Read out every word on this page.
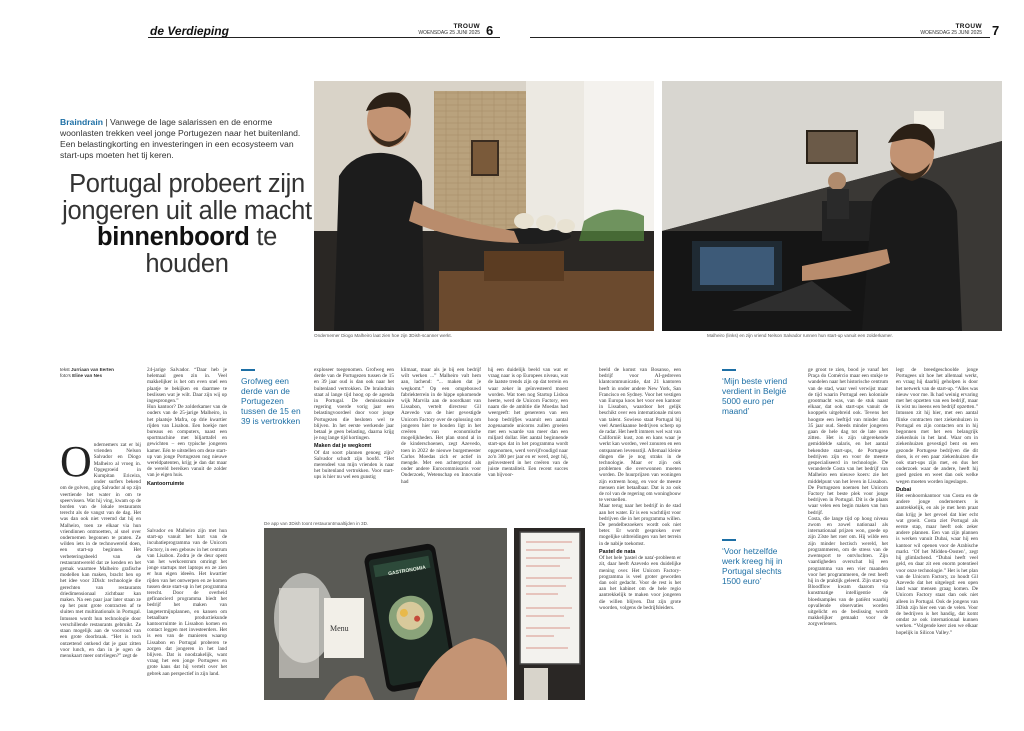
de Verdieping	TROUW
WOENSDAG 25 JUNI 2025 6	TROUW
WOENSDAG 25 JUNI 2025 7
Braindrain | Vanwege de lage salarissen en de enorme woonlasten trekken veel jonge Portugezen naar het buitenland. Een belastingkorting en investeringen in een ecosysteem van start-ups moeten het tij keren.
Portugal probeert zijn jongeren uit alle macht binnenboord te houden
Ondernemer Diogo Malheiro laat zien hoe zijn 3Dish-scanner werkt.	Malheiro (links) en zijn vriend Nelson Salvador runnen hun start-up vanuit een zolderkamer.
tekst Jurriaan van Eerten
foto's Eline van Nes
O ndernemers zat er bij vrienden Nelson Salvador en Diogo Malheiro al vroeg in. Opgegroeid in Kumpitan Ericeira, onder surfers bekend om de golven, ging Salvador al op zijn veertiende het water in om te speervissen. Wat hij ving, kwam op de borden van de lokale restaurants terecht als de vangst van de dag. Het was dan ook niet vreemd dat hij en Malheiro, toen ze elkaar via hun vriendinnen ontmoetten, al snel over ondernemen begonnen te praten. Ze wilden iets in de technowereld doen, een start-up beginnen. Het verbeteringsbeeld van de restaurantwereld dat ze kenden en het gemak waarmee Malheiro grafische modellen kan maken, bracht hen op het idee voor 3Dish: technologie die gerechten van restaurants driedimensionaal zichtbaar kan maken. Na een paar jaar later staan ze op het punt grote contracten af te sluiten met multinationals in Portugal. Intussen wordt hun technologie door verschillende restaurants gebruikt. Ze staan mogelijk aan de voorrond van een grote doorbraak. “Het is toch ontzettend ontkend dat je gaat zitten voor lunch, en dan in je ogen de menukaart meer ontvliegen?” zegt de

24-jarige Salvador. “Daar heb je helemaal geen zin in. Veel makkelijker is het om even snel een plaatje te bekijken en daarmee te beslissen wat je wilt. Daar zijn wij op ingesprongen.”

Hun kantoor? De zolderkamer van de ouders van de 25-jarige Malheiro, in het plaatsje Mafra, op drie kwartier rijden van Lisabon. Een hoekje met bureaus en computers, naast een sportmachine met biljarttafel en gewichten – een typische jongeren kamer. Eén te uitstellen om deze start-up van jonge Portugezen nog nieuwe wereldpatenten, krijg je dan dat maar de wereld bereiken vanuit de zolder van je eigen huis.

Kantoorruimte
Grofweg een derde van de Portugezen tussen de 15 en 39 is vertrokken

exploseer toegenomen. Grofweg een derde van de Portugezen tussen de 15 en 39 jaar oud is dan ook naar het buitenland vertrokken. De braindrain staat al lange tijd hoog op de agenda in Portugal. De demissionaire regering voerde vorig jaar een belastingvoordeel door voor jonge Portugezen die besloten wel te blijven. In het eerste werkende jaar betaal je geen belasting, daarna krijg je nog lange tijd kortingen.

Maken dat je wegkomt

Of dat soort plannen genoeg zijn? Salvador schudt zijn hoofd. “Het merendeel van mijn vrienden is naar het buitenland vertrokken. Voor start-ups is hier nu wel een gunstig

klimaat, maar als je bij een bedrijf wilt werken ...” Malheiro valt hem aan, lachend: “... maken dat je wegkomt.” Op een omgebouwd fabriekterrein in de hippe opkomende wijk Marvila aan de noordkant van Lissabon, vertelt directeur Gil Azevedo van de hier gevestigde Unicorn Factory over de oplossing om jongeren hier te houden ligt in het creëren van economische mogelijkheden. Het plan stond al in de kinderschoenen, zegt Azevedo, toen in 2022 de nieuwe burgemeester Carlos Moedas zich er actief in mengde. Met een achtergrond als onder andere Eurocommissaris voor Onderzoek, Wetenschap en Innovatie had

hij een duidelijk beeld van wat er vraag naar is op Europees niveau, wat de laatste trends zijn op dat terrein en waar zeker in geïnvesteerd moest worden. Wat toen nog Startup Lisboa heette, werd de Unicorn Factory, een naam die de ambitie die Moedas had weergeeft: het genereren van een hoop bedrijfjes waaruit een aantal zogenaamde unicorns zullen groeien met een waarde van meer dan een miljard dollar. Het aantal beginnende start-ups dat in het programma wordt opgenomen, werd vervijfvoudigd naar zo'n 300 per jaar en er werd, zegt hij, geïnvesteerd in het creëren van de juiste mentaliteit. Een recent succes van bijvoor-

Salvador en Malheiro zijn met hun start-up vanuit het hart van de incubatieprogramma van de Unicorn Factory, in een gebouw in het centrum van Lisabon. Zodra je de deur opent van het werkcentrum omringt het jonge startups met laptops en ze zien er hun eigen ideeën. Het kwartier rijden van het ontwerpen en ze komen tussen deze start-up in het programma terecht. Door de overheid gefinancierd programma biedt het bedrijf het maken van langetermijnplannen, en kansen om betaalbare productiekunde kantoorruimte in Lissabon komen en contact leggen met investeerders. Het is een van de manieren waarop Lissabon en Portugal proberen te zorgen dat jongeren in het land blijven. Dat is noodzakelijk, want vraag het een jonge Portugees en grote kans dat hij vertelt over het gebrek aan perspectief in zijn land.

De app van 3Dish toont restaurantmaaltijden in 3D.
GASTRONOMIA
Menu

beeld de komst van Bosanso, een bedrijf voor AI-gedreven klantcommunicatie, dat 21 kantoren heeft in onder andere New York, San Francisco en Sydney. Voor het vestigen van Europa koos het voor een kantoor in Lissabon, waardoor het gelijk beschikt over een internationale mixen van talent. Sowieso staat Portugal bij veel Amerikaanse bedrijven scherp op de radar. Het heeft immers wel wat van Californië: kust, zon en kans waar je werkt kan worden, veel zonuren en een ontspannen levensstijl. Allemaal kleine dingen die je nog straks in de technologie. Maar er zijn ook problemen die overwonnen moeten worden. De huurprijzen van woningen zijn extreem hoog, en voor de meeste mensen niet betaalbaar. Dat is zo ook de rol van de regering om woningbouw te versnellen.

Maar terug naar het bedrijf in de stad aan het water. Er is een wachtlijst voor bedrijven die in het programma willen. De pendelbezoekers wordt ook niet beter. Er wordt gesproken over mogelijke uitbreidingen van het terrein in de nabije toekomst.

Pastel de nata

Of het hele 'pastel de nata'-probleem er zit, daar heeft Azevedo een duidelijke mening over. Het Unicorn Factory-programma is veel groter geworden dan ooit gedacht. Voor de rest is het aan het kabinet om de hele regio aantrekkelijk te maken voor jongeren die willen blijven. Dat zijn grote woorden, volgens de bedrijfsleiders.

‘Mijn beste vriend verdient in België 5000 euro per maand’
‘Voor hetzelfde werk kreeg hij in Portugal slechts 1500 euro’

ge groot te zien, bood je vanaf het Praça do Comércio maar een stukje te wandelen naar het historische centrum van de stad, waar veel verwijst maar de tijd waarin Portugal een koloniale grootmacht was, van de stuk naast elkaar, dat ook start-ups vanuit de kooppels uitgebreid ook. Tevens het hoogste een leeftijd van minder dan 35 jaar oud. Steeds minder jongeren gaan de hele dag tot de late uren zitten. Het is zijn uitgerekende gemiddelde salaris, en het aantal bekendste start-ups, de Portugese bedrijven zijn en voor de meeste gespecialiseerd in technologie. De veranderde Costa van het bedrijf van Malheiro een nieuwe koers: zie het middelpunt van het leven in Lissabon. De Portugezen noemen het Unicorn Factory het beste plek voor jonge bedrijven in Portugal. Dit is de plaats waar velen een begin maken van hun bedrijf.

Costa, die lange tijd op hoog niveau zwom en zowel nationaal als internationaal prijzen won, goede op zijn 23ste het roer om. Hij wilde een zijn minder hectisch wereld, het programmeren, om de stress van de zwemsport te ontvluchten. Zijn vaardigheden overschat hij een programma van een vier maanden voor het programmeren, de rest heeft hij in de praktijk geleerd. Zijn start-up Bloodflow kwam daarom via kunstmatige intelligentie de bloedsamples van de patiënt waarbij opvallende observaties worden uitgelicht en de beslissing wordt makkelijker gemaakt voor de zorgverleners.

legt de breedgeschoolde jonge Portugees uit hoe het allemaal werkt, en vraag hij daarbij geholpen is door het netwerk van de start-up. “Alles was nieuw voor me. Ik had weinig ervaring met het opzetten van een bedrijf, maar ik wist nu ineens een bedrijf opzetten.” Intussen zit hij hier, met een aantal flinke contracten met ziekenhuizen in Portugal en zijn contacten om in hij begonnen met het een belangrijk ziekenhuis in het land. Waar om in ziekenhuizen gevestigd bent en een gezonde Portugese bedrijven die dit doen, is er een paar ziekenhuizen die ook start-ups zijn met, en dus het onderzoek waar de andere, heeft hij goed gezien en weet dan ook welke wegen moeten worden ingeslagen.

Dubai

Het eenhoornkantoor van Costa en de andere jonge ondernemers is aantrekkelijk, en als je met hem praat dan krijg je het gevoel dat hier echt wat groeit. Costa ziet Portugal als eerste stap, maar heeft ook zeker andere plannen. Een van zijn plannen is werken vanuit Dubai, waar hij een kantoor wil openen voor de Arabische markt. ‘Of het Midden-Oosten’, zegt hij glimlachend. “Dubai heeft veel geld, en daar zit een enorm potentieel voor onze technologie.” Het is het plan van de Unicorn Factory, zo houdt Gil Azevedo dat het uitgelegd: een open land waar mensen graag komen. De Unicorn Factory staat dan ook niet alleen in Portugal. Ook de jongens van 3Dish zijn hier een van de velen. Voor de bedrijven is het handig, dat komt omdat ze ook internationaal kunnen werken. “Volgende keer zien we elkaar hopelijk in Silicon Valley.”
